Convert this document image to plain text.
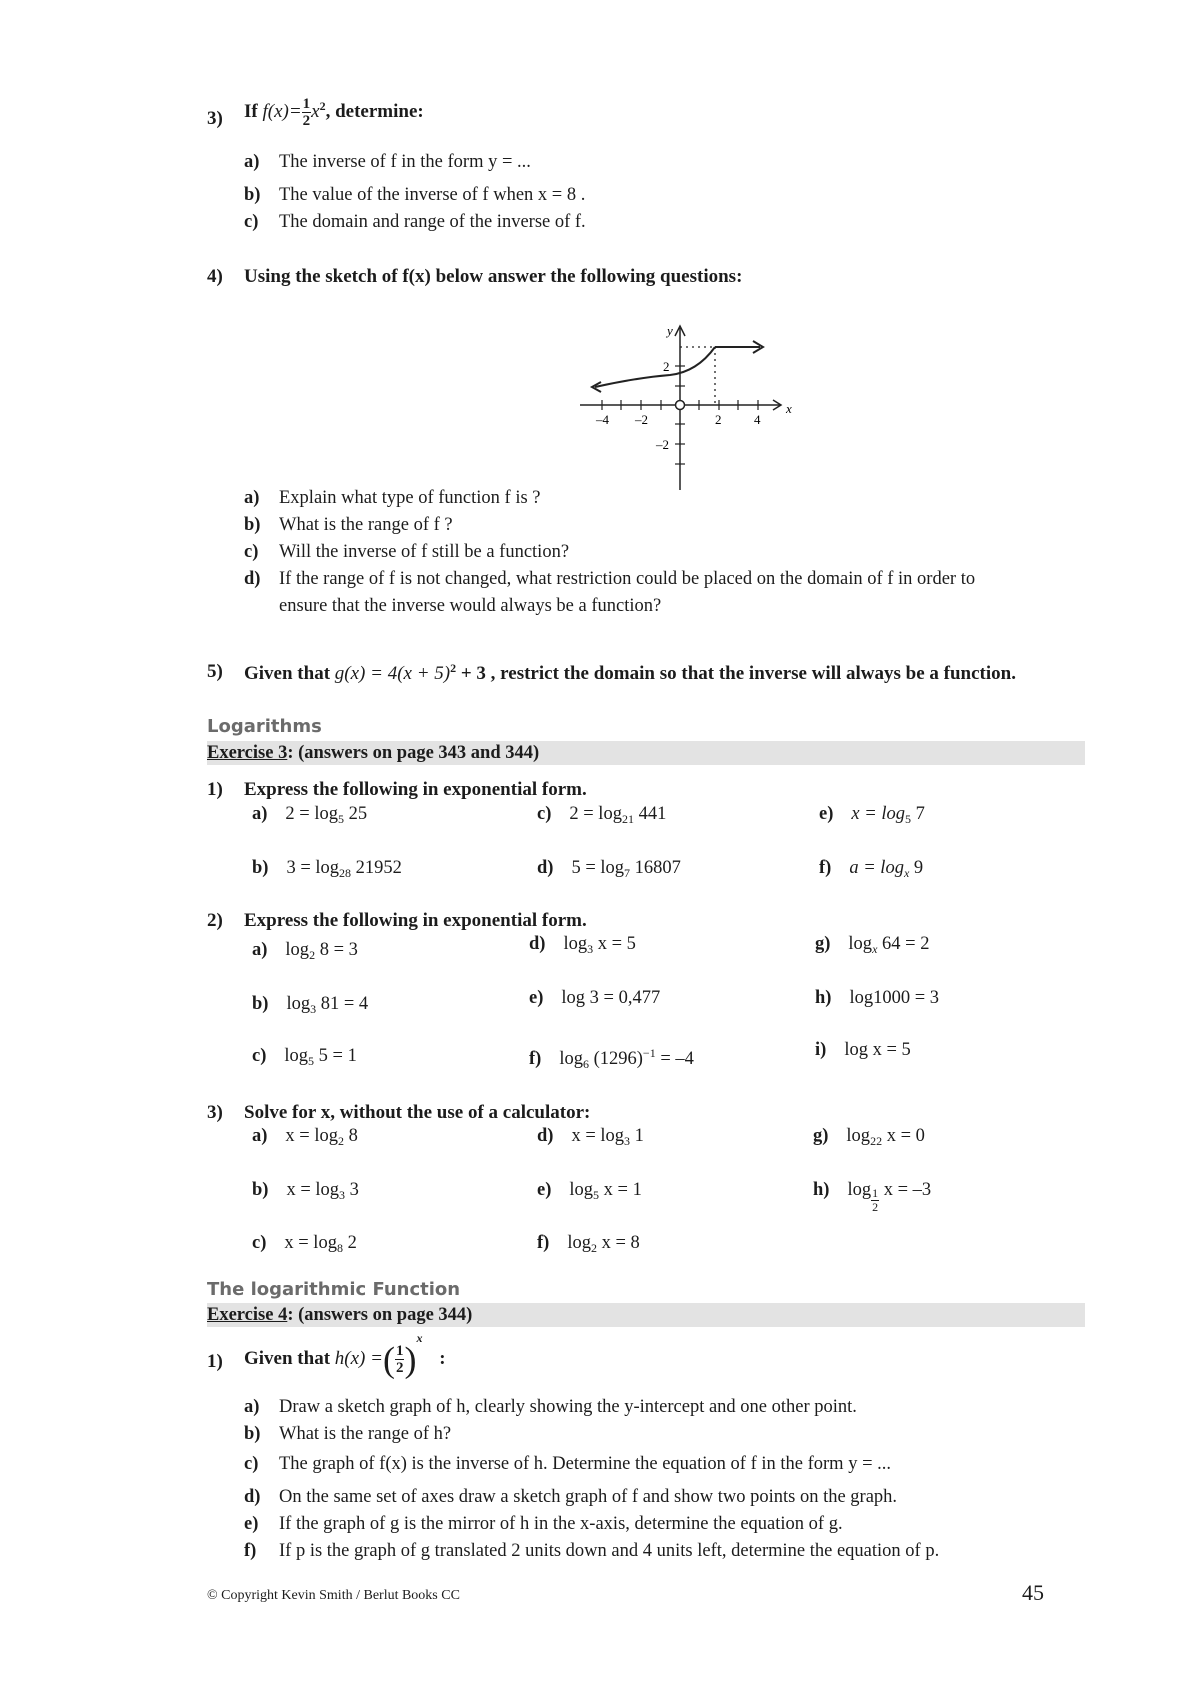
3) If $f(x)= \frac{1}{2} x^2$, determine:
a) The inverse of f in the form y = ...
b) The value of the inverse of f when x = 8 .
c) The domain and range of the inverse of f.
4) Using the sketch of f(x) below answer the following questions:
y
x
2
–2
–4 –2	2	4
a) Explain what type of function f is ?
b) What is the range of f ?
c) Will the inverse of f still be a function?
d) If the range of f is not changed, what restriction could be placed on the domain of f in order to
ensure that the inverse would always be a function?
5) Given that $g(x) = 4(x + 5)^2 + 3$ , restrict the domain so that the inverse will always be a function.
Logarithms
Exercise 3: (answers on page 343 and 344)
1) Express the following in exponential form.
a) $2 = \log_5 25$	c) $2 = \log_{21} 441$	e) $x = \log_5 7$
b) $3 = \log_{28} 21952$	d) $5 = \log_7 16807$	f) $a = \log_x 9$
2) Express the following in exponential form.
a) $\log_2 8 = 3$	d) $\log_3 x = 5$	g) $\log_x 64 = 2$
b) $\log_3 81 = 4$	e) log 3 = 0,477	h) log1000 = 3
c) $\log_5 5 = 1$	f) $\log_6 (1296)^{-1} = -4$	i) log x = 5
3) Solve for x, without the use of a calculator:
a) $x = \log_2 8$	d) $x = \log_3 1$	g) $\log_{22} x = 0$
b) $x = \log_3 3$	e) $\log_5 x = 1$	h) $\log \frac{1}{2}$ x = –3
c) $x = \log_8 2$	f) $\log_2 x = 8$
The logarithmic Function
Exercise 4: (answers on page 344)
1) Given that h(x) =( $\frac{1}{2} )^x$ :
a) Draw a sketch graph of h, clearly showing the y-intercept and one other point.
b) What is the range of h?
c) The graph of f(x) is the inverse of h. Determine the equation of f in the form y = ...
d) On the same set of axes draw a sketch graph of f and show two points on the graph.
e) If the graph of g is the mirror of h in the x-axis, determine the equation of g.
f) If p is the graph of g translated 2 units down and 4 units left, determine the equation of p.
© Copyright Kevin Smith / Berlut Books CC	45
